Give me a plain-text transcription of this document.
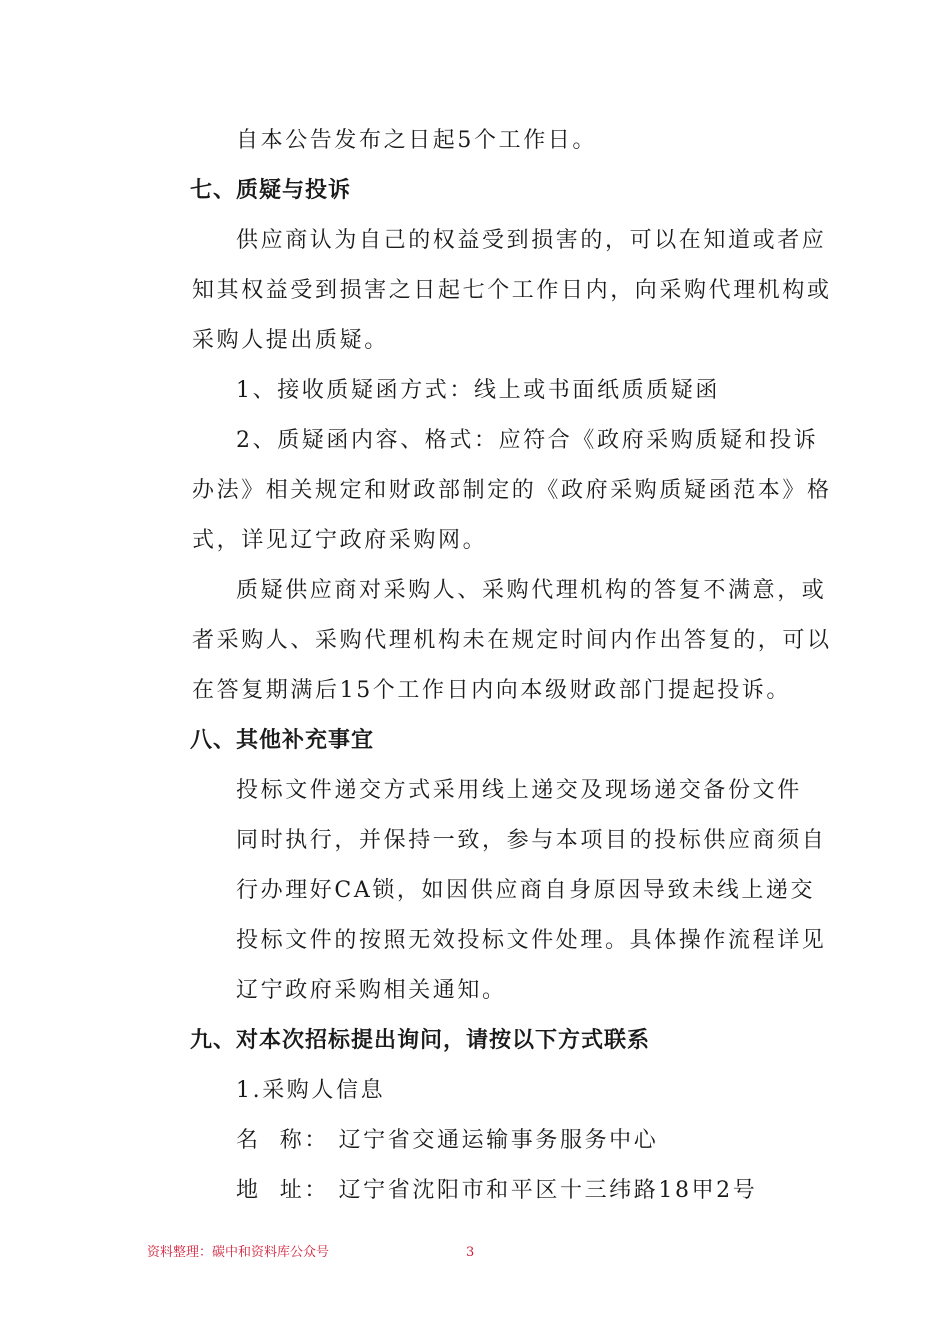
自本公告发布之日起5个工作日。
七、质疑与投诉
供应商认为自己的权益受到损害的，可以在知道或者应
知其权益受到损害之日起七个工作日内，向采购代理机构或
采购人提出质疑。
1、接收质疑函方式：线上或书面纸质质疑函
2、质疑函内容、格式：应符合《政府采购质疑和投诉
办法》相关规定和财政部制定的《政府采购质疑函范本》格
式，详见辽宁政府采购网。
质疑供应商对采购人、采购代理机构的答复不满意，或
者采购人、采购代理机构未在规定时间内作出答复的，可以
在答复期满后15个工作日内向本级财政部门提起投诉。
八、其他补充事宜
投标文件递交方式采用线上递交及现场递交备份文件
同时执行，并保持一致，参与本项目的投标供应商须自
行办理好CA锁，如因供应商自身原因导致未线上递交
投标文件的按照无效投标文件处理。具体操作流程详见
辽宁政府采购相关通知。
九、对本次招标提出询问，请按以下方式联系
1.采购人信息
名  称： 辽宁省交通运输事务服务中心
地  址： 辽宁省沈阳市和平区十三纬路18甲2号
资料整理：碳中和资料库公众号	3
